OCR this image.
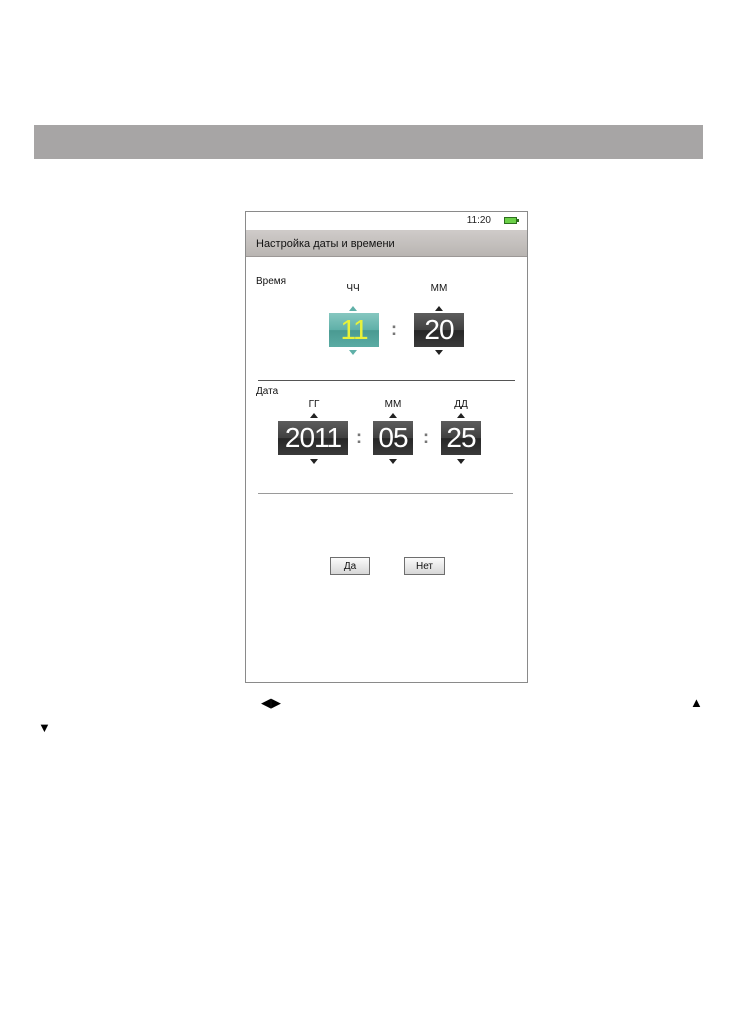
11:20
Настройка даты и времени
Время
ЧЧ	ММ
11	: 20
Дата
ГГ	ММ	ДД
2011 : 05 : 25
Да	Нет
◀▶	▲
▼
